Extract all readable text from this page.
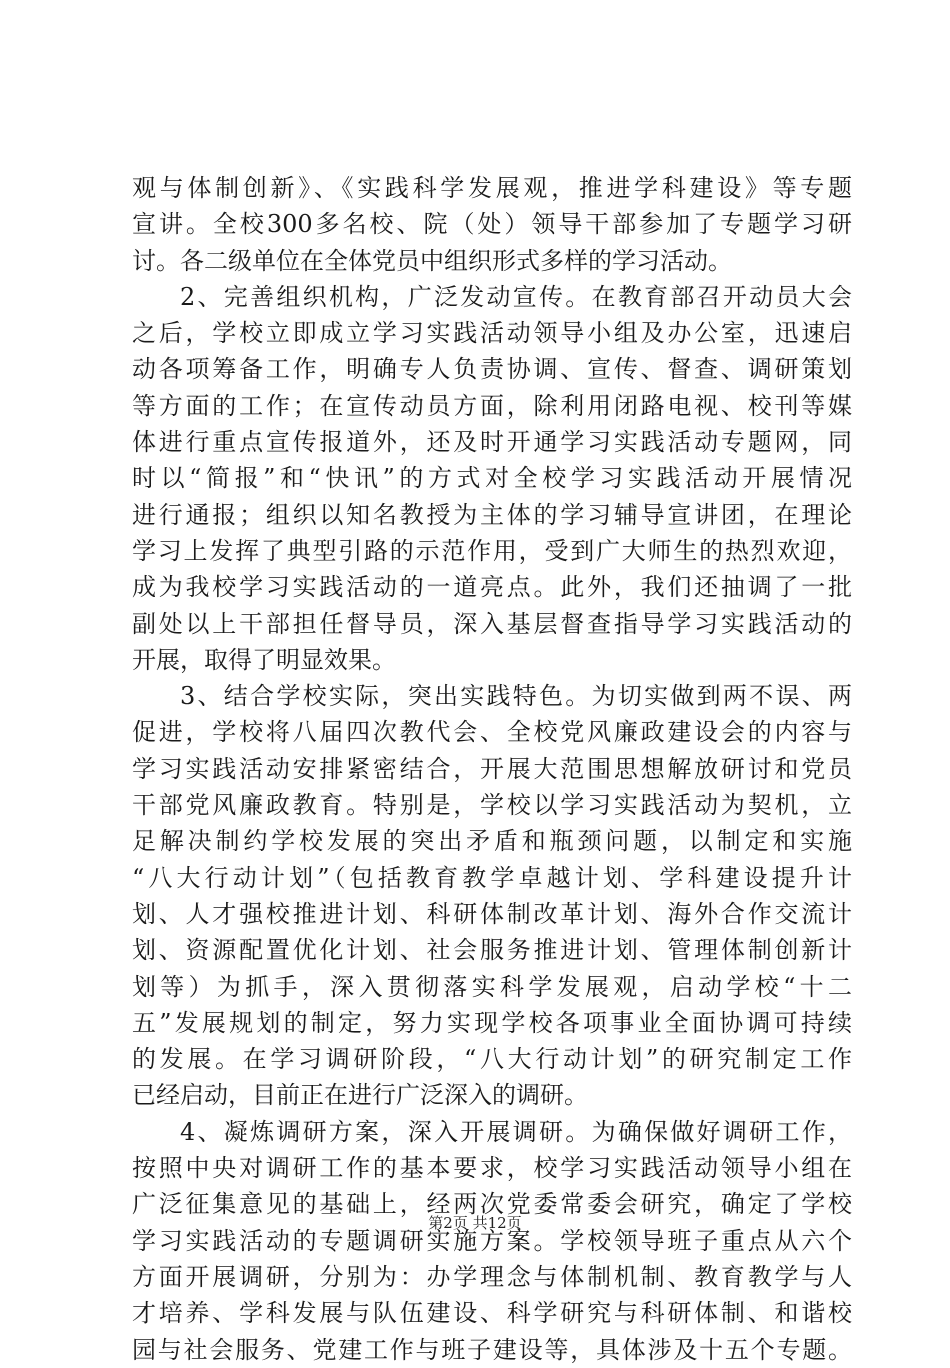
观与体制创新》、《实践科学发展观，推进学科建设》等专题
宣讲。全校300多名校、院（处）领导干部参加了专题学习研
讨。各二级单位在全体党员中组织形式多样的学习活动。
2、完善组织机构，广泛发动宣传。在教育部召开动员大会
之后，学校立即成立学习实践活动领导小组及办公室，迅速启
动各项筹备工作，明确专人负责协调、宣传、督查、调研策划
等方面的工作；在宣传动员方面，除利用闭路电视、校刊等媒
体进行重点宣传报道外，还及时开通学习实践活动专题网，同
时以“简报”和“快讯”的方式对全校学习实践活动开展情况
进行通报；组织以知名教授为主体的学习辅导宣讲团，在理论
学习上发挥了典型引路的示范作用，受到广大师生的热烈欢迎，
成为我校学习实践活动的一道亮点。此外，我们还抽调了一批
副处以上干部担任督导员，深入基层督查指导学习实践活动的
开展，取得了明显效果。
3、结合学校实际，突出实践特色。为切实做到两不误、两
促进，学校将八届四次教代会、全校党风廉政建设会的内容与
学习实践活动安排紧密结合，开展大范围思想解放研讨和党员
干部党风廉政教育。特别是，学校以学习实践活动为契机，立
足解决制约学校发展的突出矛盾和瓶颈问题，以制定和实施
“八大行动计划”（包括教育教学卓越计划、学科建设提升计
划、人才强校推进计划、科研体制改革计划、海外合作交流计
划、资源配置优化计划、社会服务推进计划、管理体制创新计
划等）为抓手，深入贯彻落实科学发展观，启动学校“十二
五”发展规划的制定，努力实现学校各项事业全面协调可持续
的发展。在学习调研阶段，“八大行动计划”的研究制定工作
已经启动，目前正在进行广泛深入的调研。
4、凝炼调研方案，深入开展调研。为确保做好调研工作，
按照中央对调研工作的基本要求，校学习实践活动领导小组在
广泛征集意见的基础上，经两次党委常委会研究，确定了学校
学习实践活动的专题调研实施方案。学校领导班子重点从六个
方面开展调研，分别为：办学理念与体制机制、教育教学与人
才培养、学科发展与队伍建设、科学研究与科研体制、和谐校
园与社会服务、党建工作与班子建设等，具体涉及十五个专题。
第2页 共12页
